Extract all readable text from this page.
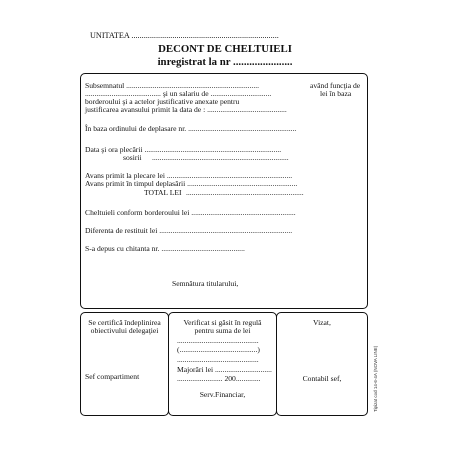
UNITATEA ........................................................................
DECONT DE CHELTUIELI
inregistrat la nr ......................
Subsemnatul ......................................................................	având funcţia de
........................................ şi un salariu de ................................	lei în baza
borderoului şi a actelor justificative anexate pentru
justificarea avansului primit la data de : ..........................................
În baza ordinului de deplasare nr. .........................................................
Data şi ora plecării ........................................................................
sosirii ........................................................................
Avans primit la plecare lei ..................................................................
Avans primit în timpul deplasării ..........................................................
TOTAL LEI ..............................................................
Cheltuieli conform borderoului lei .......................................................
Diferenta de restituit lei ......................................................................
S-a depus cu chitanta nr. ............................................
Semnătura titularului,
Se certifică îndeplinirea
obiectivului delegaţiei
Sef compartiment
Verificat si găsit în regulă
pentru suma de lei
...........................................
(.........................................)
...........................................
Majorări lei ..............................
........................ 200.............
Serv.Financiar,
Vizat,
Contabil sef,	Tipizat cod 14-6-4A (NOVA LINE)
